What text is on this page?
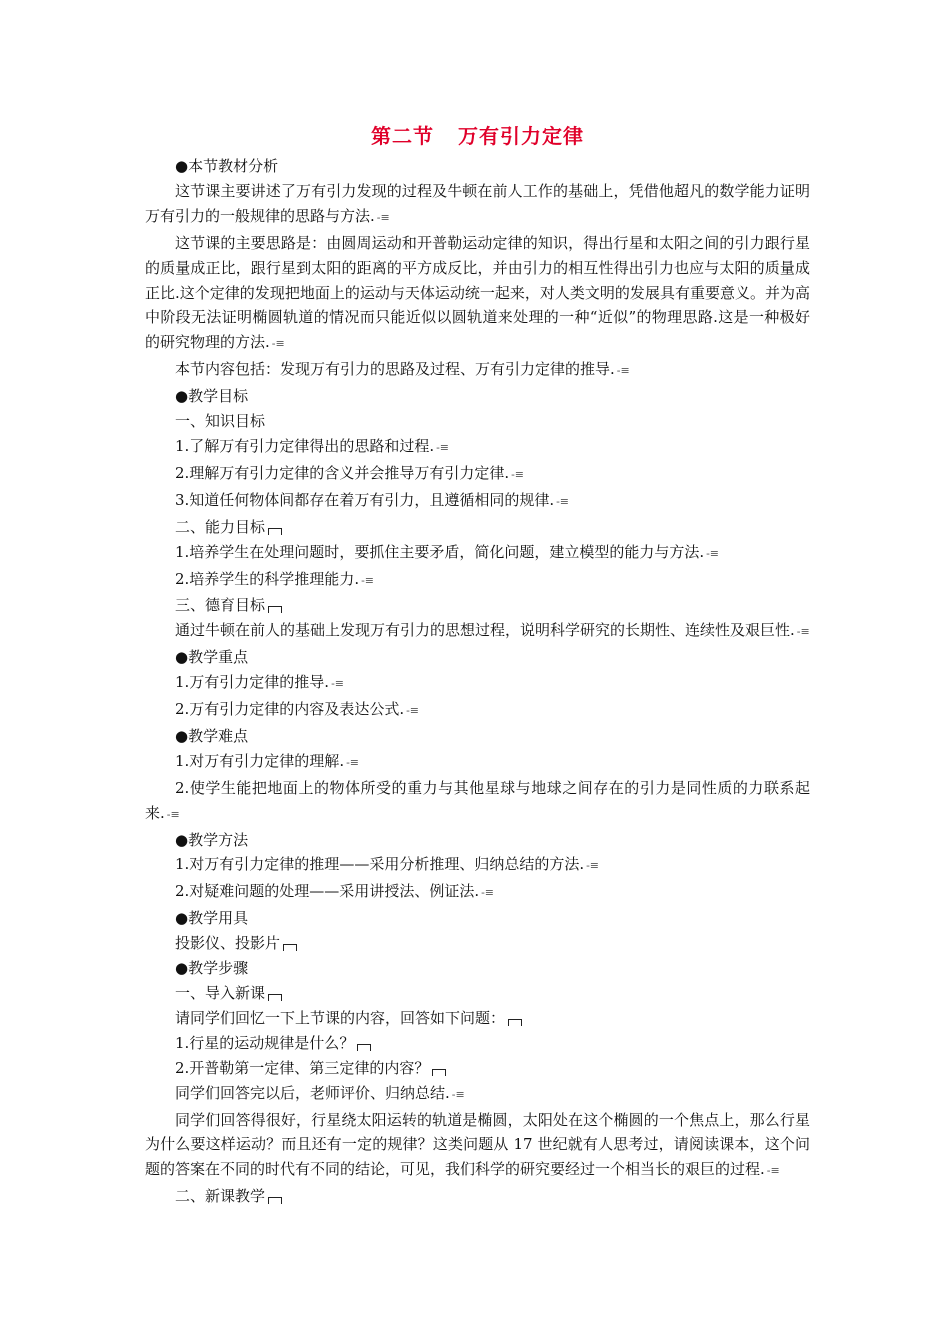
第二节 万有引力定律

●本节教材分析

这节课主要讲述了万有引力发现的过程及牛顿在前人工作的基础上，凭借他超凡的数学能力证明万有引力的一般规律的思路与方法. -≡

这节课的主要思路是：由圆周运动和开普勒运动定律的知识，得出行星和太阳之间的引力跟行星的质量成正比，跟行星到太阳的距离的平方成反比，并由引力的相互性得出引力也应与太阳的质量成正比.这个定律的发现把地面上的运动与天体运动统一起来，对人类文明的发展具有重要意义。并为高中阶段无法证明椭圆轨道的情况而只能近似以圆轨道来处理的一种“近似”的物理思路.这是一种极好的研究物理的方法. -≡

本节内容包括：发现万有引力的思路及过程、万有引力定律的推导. -≡

●教学目标

一、知识目标

1.了解万有引力定律得出的思路和过程. -≡

2.理解万有引力定律的含义并会推导万有引力定律. -≡

3.知道任何物体间都存在着万有引力，且遵循相同的规律. -≡

二、能力目标

1.培养学生在处理问题时，要抓住主要矛盾，简化问题，建立模型的能力与方法. -≡

2.培养学生的科学推理能力. -≡

三、德育目标

通过牛顿在前人的基础上发现万有引力的思想过程，说明科学研究的长期性、连续性及艰巨性. -≡

●教学重点

1.万有引力定律的推导. -≡

2.万有引力定律的内容及表达公式. -≡

●教学难点

1.对万有引力定律的理解. -≡

2.使学生能把地面上的物体所受的重力与其他星球与地球之间存在的引力是同性质的力联系起来. -≡

●教学方法

1.对万有引力定律的推理——采用分析推理、归纳总结的方法. -≡

2.对疑难问题的处理——采用讲授法、例证法. -≡

●教学用具

投影仪、投影片

●教学步骤

一、导入新课

请同学们回忆一下上节课的内容，回答如下问题：

1.行星的运动规律是什么？

2.开普勒第一定律、第三定律的内容？

同学们回答完以后，老师评价、归纳总结. -≡

同学们回答得很好，行星绕太阳运转的轨道是椭圆，太阳处在这个椭圆的一个焦点上，那么行星为什么要这样运动？而且还有一定的规律？这类问题从 17 世纪就有人思考过，请阅读课本，这个问题的答案在不同的时代有不同的结论，可见，我们科学的研究要经过一个相当长的艰巨的过程. -≡

二、新课教学
